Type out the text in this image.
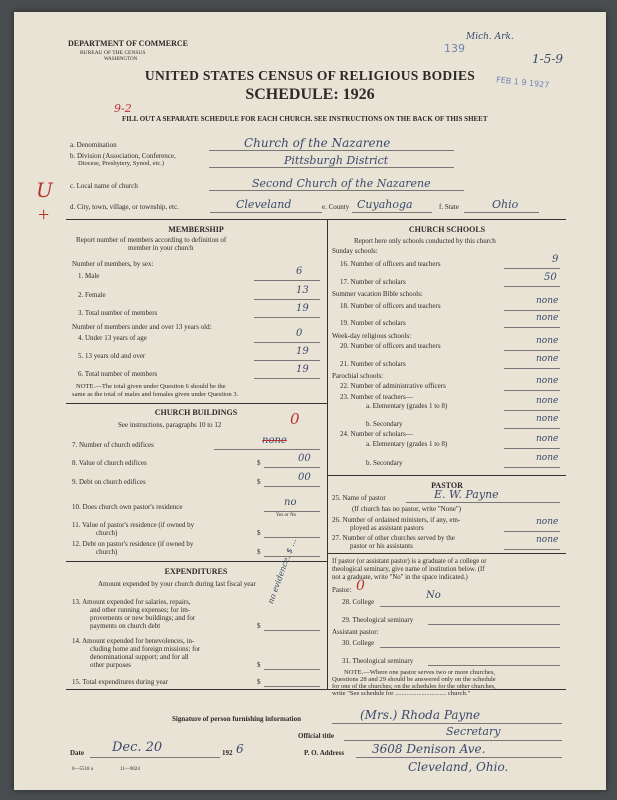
DEPARTMENT OF COMMERCE
BUREAU OF THE CENSUS
WASHINGTON
UNITED STATES CENSUS OF RELIGIOUS BODIES
SCHEDULE: 1926
FILL OUT A SEPARATE SCHEDULE FOR EACH CHURCH. SEE INSTRUCTIONS ON THE BACK OF THIS SHEET
139
FEB 1 9 1927
1-5-9
Mich. Ark.
9-2
a. Denomination	Church of the Nazarene
b. Division (Association, Conference,
Diocese, Presbytery, Synod, etc.)	Pittsburgh District
c. Local name of church	Second Church of the Nazarene
d. City, town, village, or township, etc.	Cleveland	e. County Cuyahoga	f. State	Ohio
U
+
MEMBERSHIP
Report number of members according to definition of
member in your church
Number of members, by sex:
1. Male	6
2. Female	13
3. Total number of members	19
Number of members under and over 13 years old:
4. Under 13 years of age	0
5. 13 years old and over	19
6. Total number of members	19
NOTE.—The total given under Question 6 should be the
same as the total of males and females given under Question 3.
CHURCH BUILDINGS
See instructions, paragraphs 10 to 12	0
7. Number of church edifices	none
8. Value of church edifices	$	00
9. Debt on church edifices	$	00
10. Does church own pastor's residence	no
Yes or No
11. Value of pastor's residence (if owned by
church)	$
12. Debt on pastor's residence (if owned by
church)	$
EXPENDITURES
Amount expended by your church during last fiscal year
13. Amount expended for salaries, repairs,
and other running expenses; for im-
provements or new buildings; and for
payments on church debt	$
no evidence, $ ...
14. Amount expended for benevolences, in-
cluding home and foreign missions; for
denominational support; and for all
other purposes	$
15. Total expenditures during year	$
CHURCH SCHOOLS
Report here only schools conducted by this church
Sunday schools:
16. Number of officers and teachers	9
17. Number of scholars	50
Summer vacation Bible schools:
18. Number of officers and teachers	none
19. Number of scholars	none
Week-day religious schools:
20. Number of officers and teachers	none
21. Number of scholars	none
Parochial schools:
22. Number of administrative officers	none
23. Number of teachers—
a. Elementary (grades 1 to 8)	none
b. Secondary	none
24. Number of scholars—
a. Elementary (grades 1 to 8)	none
b. Secondary	none
PASTOR
25. Name of pastor	E. W. Payne
(If church has no pastor, write "None")
26. Number of ordained ministers, if any, em-
ployed as assistant pastors
none
27. Number of other churches served by the
pastor or his assistants
none
If pastor (or assistant pastor) is a graduate of a college or
theological seminary, give name of institution below. (If
not a graduate, write "No" in the space indicated.)
Pastor: 0
28. College
No
29. Theological seminary
Assistant pastor:
30. College
31. Theological seminary
NOTE.—Where one pastor serves two or more churches,
Questions 28 and 29 should be answered only on the schedule
for one of the churches; on the schedules for the other churches,
write "See schedule for ............................... church."
Signature of person furnishing information	(Mrs.) Rhoda Payne
Official title	Secretary
Date Dec. 20	192 6	P. O. Address 3608 Denison Ave.
Cleveland, Ohio.
6—5518 a	11—9024
